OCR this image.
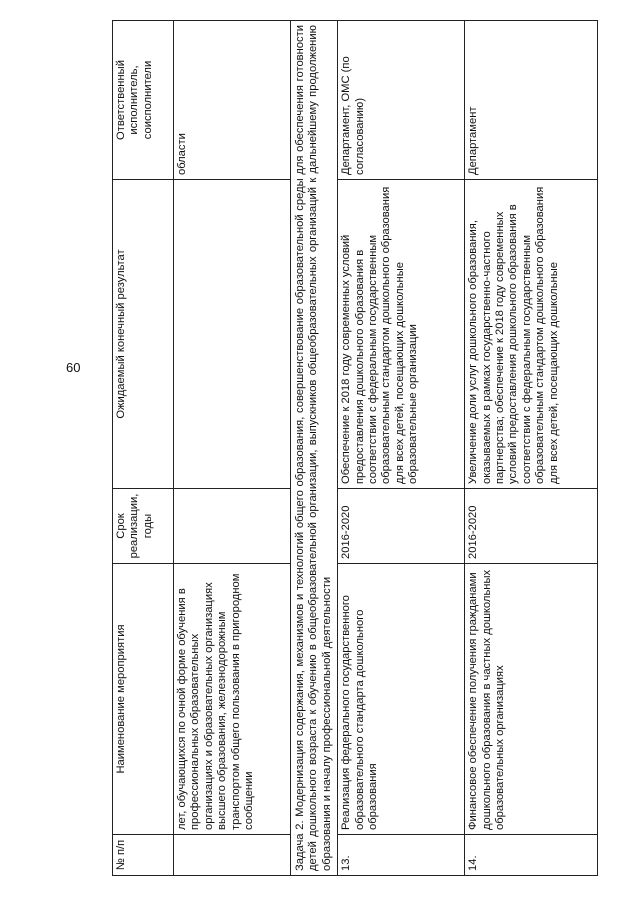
60
№ п/п	Наименование мероприятия	Срок реализации, годы	Ожидаемый конечный результат	Ответственный исполнитель, соисполнители
	лет, обучающихся по очной форме обучения в профессиональных образовательных организациях и образовательных организациях высшего образования, железнодорожным транспортом общего пользования в пригородном сообщении			области
Задача 2. Модернизация содержания, механизмов и технологий общего образования, совершенствование образовательной среды для обеспечения готовности детей дошкольного возраста к обучению в общеобразовательной организации, выпускников общеобразовательных организаций к дальнейшему продолжению образования и началу профессиональной деятельности				
13.	Реализация федерального государственного образовательного стандарта дошкольного образования	2016-2020	Обеспечение к 2018 году современных условий предоставления дошкольного образования в соответствии с федеральным государственным образовательным стандартом дошкольного образования для всех детей, посещающих дошкольные образовательные организации	Департамент, ОМС (по согласованию)
14.	Финансовое обеспечение получения гражданами дошкольного образования в частных дошкольных образовательных организациях	2016-2020	Увеличение доли услуг дошкольного образования, оказываемых в рамках государственно-частного партнерства; обеспечение к 2018 году современных условий предоставления дошкольного образования в соответствии с федеральным государственным образовательным стандартом дошкольного образования для всех детей, посещающих дошкольные	Департамент
